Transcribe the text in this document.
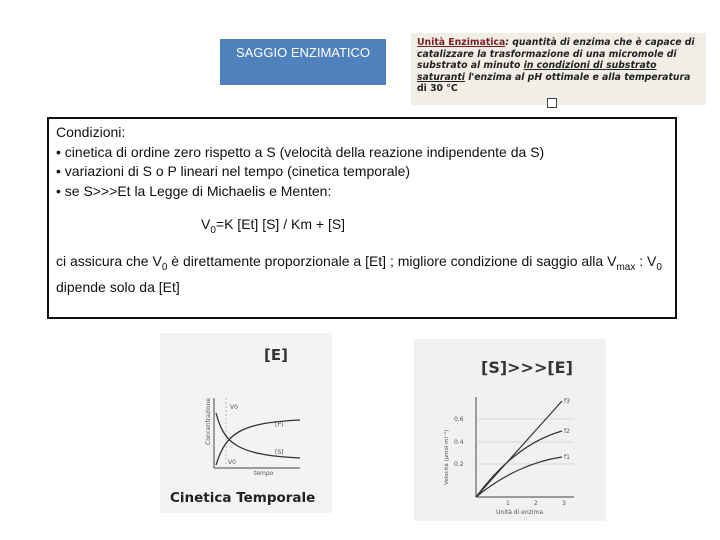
SAGGIO ENZIMATICO
Unità Enzimatica: quantità di enzima che è capace di catalizzare la trasformazione di una micromole di substrato al minuto in condizioni di substrato saturanti l'enzima al pH ottimale e alla temperatura
di 30 °C

Condizioni:

• cinetica di ordine zero rispetto a S (velocità della reazione indipendente da S)

• variazioni di S o P lineari nel tempo (cinetica temporale)

• se S>>>Et la Legge di Michaelis e Menten:

$V_0=K$ [Et] [S] / Km + [S]

ci assicura che $V_0$ è direttamente proporzionale a [Et] ; migliore condizione di saggio alla $V_{max}$ : $V_0$ dipende solo da [Et]

[E]
Concentrazione
tempo
V0
[P]
[S]
V0
Cinetica Temporale
[S]>>>[E]
0.6
0.4
0.2
1	2	3
f3
f2
f1
Velocità (μmol ml⁻¹)
Unità di enzima
